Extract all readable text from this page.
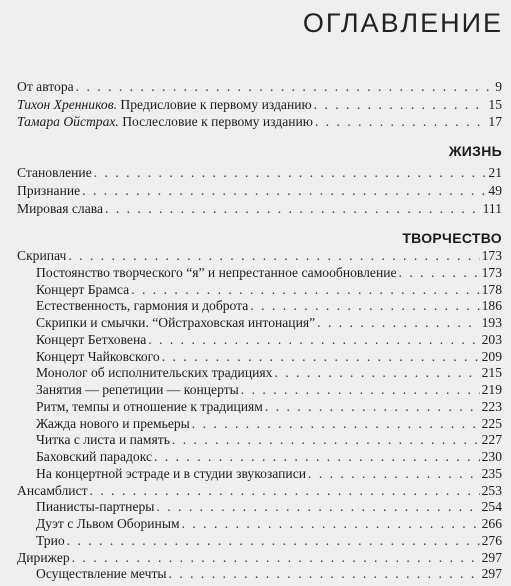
ОГЛАВЛЕНИЕ
От автора . . .	9
Тихон Хренников. Предисловие к первому изданию . . .	15
Тамара Ойстрах. Послесловие к первому изданию . . .	17
ЖИЗНЬ
Становление . . .	21
Признание . . .	49
Мировая слава . . .	111
ТВОРЧЕСТВО
Скрипач . . .	173
Постоянство творческого “я” и непрестанное самообновление . . .	173
Концерт Брамса . . .	178
Естественность, гармония и доброта . . .	186
Скрипки и смычки. “Ойстраховская интонация” . . .	193
Концерт Бетховена . . .	203
Концерт Чайковского . . .	209
Монолог об исполнительских традициях . . .	215
Занятия — репетиции — концерты . . .	219
Ритм, темпы и отношение к традициям . . .	223
Жажда нового и премьеры . . .	225
Читка с листа и память . . .	227
Баховский парадокс . . .	230
На концертной эстраде и в студии звукозаписи . . .	235
Ансамблист . . .	253
Пианисты-партнеры . . .	254
Дуэт с Львом Обориным . . .	266
Трио . . .	276
Дирижер . . .	297
Осуществление мечты . . .	297
